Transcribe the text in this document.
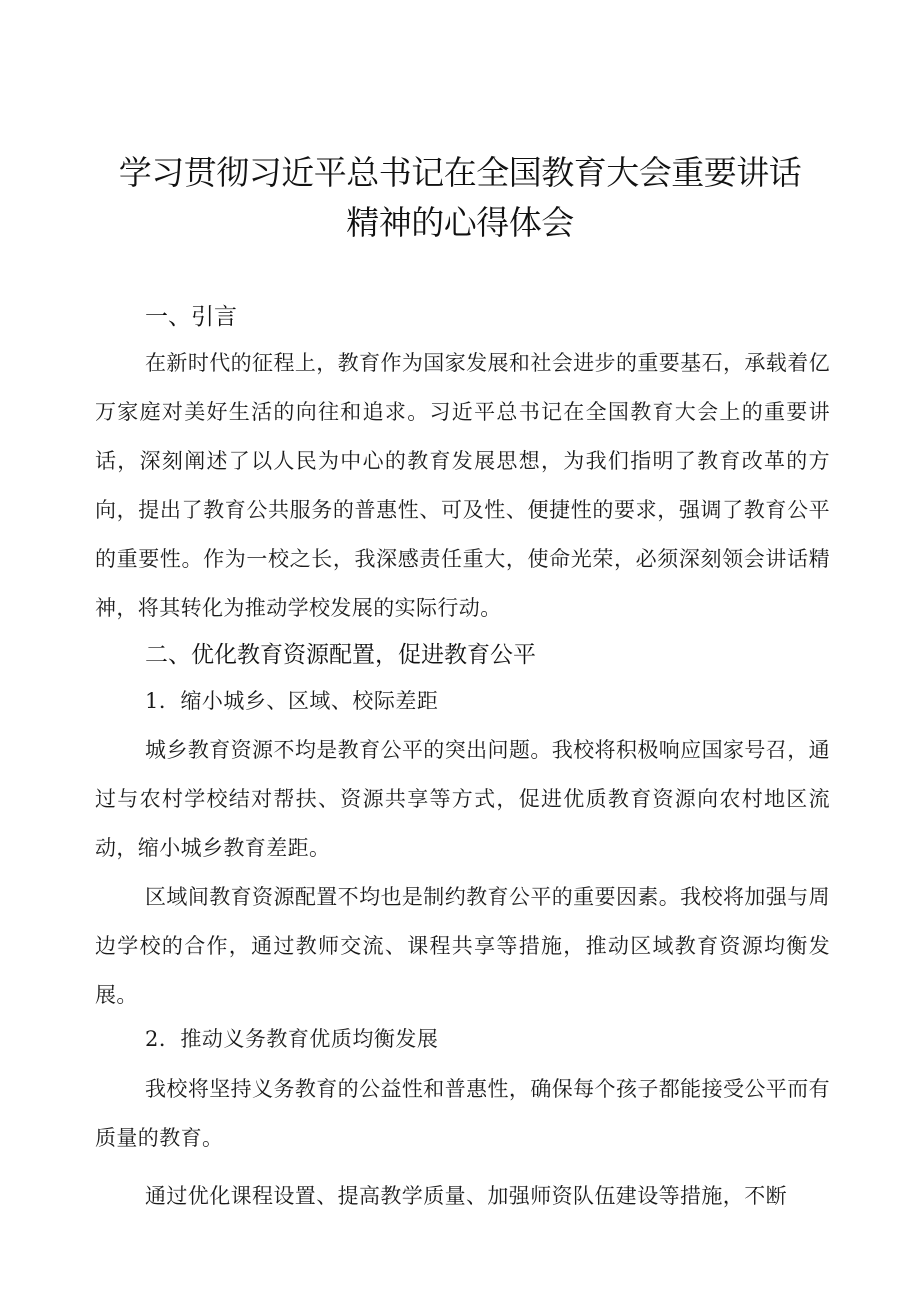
学习贯彻习近平总书记在全国教育大会重要讲话
精神的心得体会
一、引言

在新时代的征程上，教育作为国家发展和社会进步的重要基石，承载着亿万家庭对美好生活的向往和追求。习近平总书记在全国教育大会上的重要讲话，深刻阐述了以人民为中心的教育发展思想，为我们指明了教育改革的方向，提出了教育公共服务的普惠性、可及性、便捷性的要求，强调了教育公平的重要性。作为一校之长，我深感责任重大，使命光荣，必须深刻领会讲话精神，将其转化为推动学校发展的实际行动。

二、优化教育资源配置，促进教育公平
1．缩小城乡、区域、校际差距

城乡教育资源不均是教育公平的突出问题。我校将积极响应国家号召，通过与农村学校结对帮扶、资源共享等方式，促进优质教育资源向农村地区流动，缩小城乡教育差距。

区域间教育资源配置不均也是制约教育公平的重要因素。我校将加强与周边学校的合作，通过教师交流、课程共享等措施，推动区域教育资源均衡发展。

2．推动义务教育优质均衡发展

我校将坚持义务教育的公益性和普惠性，确保每个孩子都能接受公平而有质量的教育。

通过优化课程设置、提高教学质量、加强师资队伍建设等措施，不断
